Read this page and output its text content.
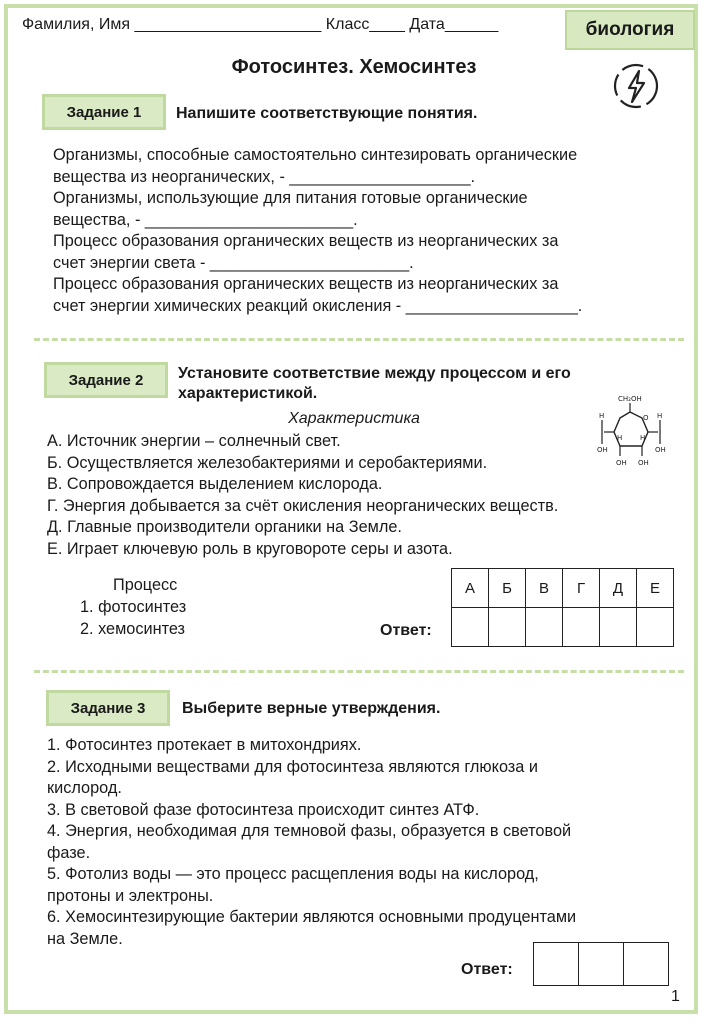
Фамилия, Имя _____________________ Класс____ Дата______	биология
Фотосинтез. Хемосинтез
Задание 1	Напишите соответствующие понятия.
Организмы, способные самостоятельно синтезировать органические
вещества из неорганических, - ____________________.
Организмы, использующие для питания готовые органические
вещества, - _______________________.
Процесс образования органических веществ из неорганических за
счет энергии света - ______________________.
Процесс образования органических веществ из неорганических за
счет энергии химических реакций окисления - ___________________.
Задание 2	Установите соответствие между процессом и его
характеристикой.
Характеристика
CH₂OH
O
H	H
OH	OH
OH OH
H	H
А. Источник энергии – солнечный свет.
Б. Осуществляется железобактериями и серобактериями.
В. Сопровождается выделением кислорода.
Г. Энергия добывается за счёт окисления неорганических веществ.
Д. Главные производители органики на Земле.
Е. Играет ключевую роль в круговороте серы и азота.
Процесс
1. фотосинтез
2. хемосинтез	Ответ:
А	Б	В	Г	Д	Е

Задание 3	Выберите верные утверждения.
1. Фотосинтез протекает в митохондриях.
2. Исходными веществами для фотосинтеза являются глюкоза и
кислород.
3. В световой фазе фотосинтеза происходит синтез АТФ.
4. Энергия, необходимая для темновой фазы, образуется в световой
фазе.
5. Фотолиз воды — это процесс расщепления воды на кислород,
протоны и электроны.
6. Хемосинтезирующие бактерии являются основными продуцентами
на Земле.
Ответ:

1
